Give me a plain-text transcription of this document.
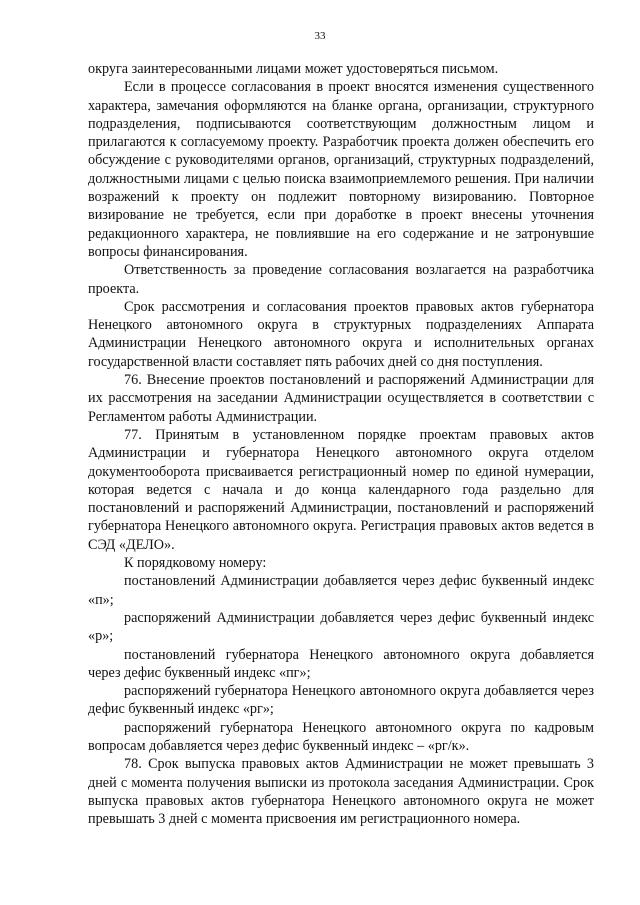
33

округа заинтересованными лицами может удостоверяться письмом.

Если в процессе согласования в проект вносятся изменения существенного характера, замечания оформляются на бланке органа, организации, структурного подразделения, подписываются соответствующим должностным лицом и прилагаются к согласуемому проекту. Разработчик проекта должен обеспечить его обсуждение с руководителями органов, организаций, структурных подразделений, должностными лицами с целью поиска взаимоприемлемого решения. При наличии возражений к проекту он подлежит повторному визированию. Повторное визирование не требуется, если при доработке в проект внесены уточнения редакционного характера, не повлиявшие на его содержание и не затронувшие вопросы финансирования.

Ответственность за проведение согласования возлагается на разработчика проекта.

Срок рассмотрения и согласования проектов правовых актов губернатора Ненецкого автономного округа в структурных подразделениях Аппарата Администрации Ненецкого автономного округа и исполнительных органах государственной власти составляет пять рабочих дней со дня поступления.

76. Внесение проектов постановлений и распоряжений Администрации для их рассмотрения на заседании Администрации осуществляется в соответствии с Регламентом работы Администрации.

77. Принятым в установленном порядке проектам правовых актов Администрации и губернатора Ненецкого автономного округа отделом документооборота присваивается регистрационный номер по единой нумерации, которая ведется с начала и до конца календарного года раздельно для постановлений и распоряжений Администрации, постановлений и распоряжений губернатора Ненецкого автономного округа. Регистрация правовых актов ведется в СЭД «ДЕЛО».

К порядковому номеру:

постановлений Администрации добавляется через дефис буквенный индекс «п»;

распоряжений Администрации добавляется через дефис буквенный индекс «р»;

постановлений губернатора Ненецкого автономного округа добавляется через дефис буквенный индекс «пг»;

распоряжений губернатора Ненецкого автономного округа добавляется через дефис буквенный индекс «рг»;

распоряжений губернатора Ненецкого автономного округа по кадровым вопросам добавляется через дефис буквенный индекс – «рг/к».

78. Срок выпуска правовых актов Администрации не может превышать 3 дней с момента получения выписки из протокола заседания Администрации. Срок выпуска правовых актов губернатора Ненецкого автономного округа не может превышать 3 дней с момента присвоения им регистрационного номера.
